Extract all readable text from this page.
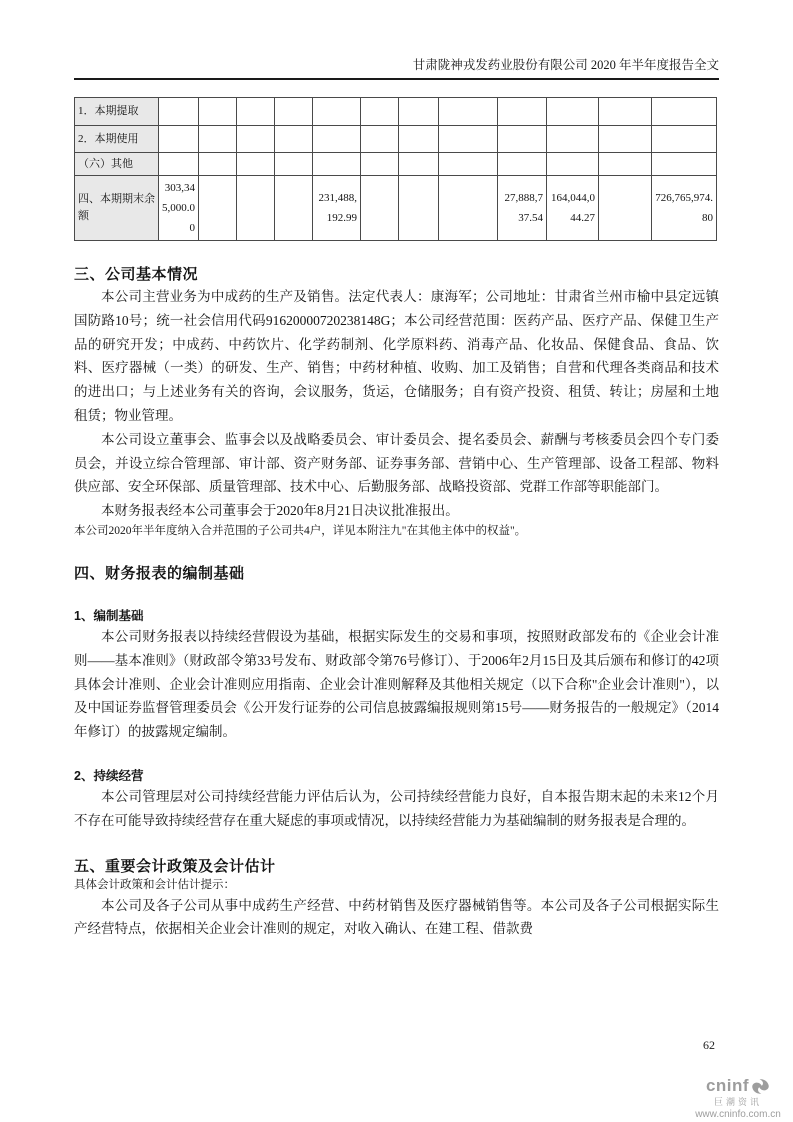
甘肃陇神戎发药业股份有限公司 2020 年半年度报告全文
1．本期提取												
2．本期使用												
（六）其他												
四、本期期末余额	303,345,000.00				231,488,192.99				27,888,737.54	164,044,044.27		726,765,974.80
三、公司基本情况

本公司主营业务为中成药的生产及销售。法定代表人：康海军；公司地址：甘肃省兰州市榆中县定远镇国防路10号；统一社会信用代码91620000720238148G；本公司经营范围：医药产品、医疗产品、保健卫生产品的研究开发；中成药、中药饮片、化学药制剂、化学原料药、消毒产品、化妆品、保健食品、食品、饮料、医疗器械（一类）的研发、生产、销售；中药材种植、收购、加工及销售；自营和代理各类商品和技术的进出口；与上述业务有关的咨询，会议服务，货运，仓储服务；自有资产投资、租赁、转让；房屋和土地租赁；物业管理。

本公司设立董事会、监事会以及战略委员会、审计委员会、提名委员会、薪酬与考核委员会四个专门委员会，并设立综合管理部、审计部、资产财务部、证券事务部、营销中心、生产管理部、设备工程部、物料供应部、安全环保部、质量管理部、技术中心、后勤服务部、战略投资部、党群工作部等职能部门。

本财务报表经本公司董事会于2020年8月21日决议批准报出。

本公司2020年半年度纳入合并范围的子公司共4户，详见本附注九"在其他主体中的权益"。

四、财务报表的编制基础
1、编制基础

本公司财务报表以持续经营假设为基础，根据实际发生的交易和事项，按照财政部发布的《企业会计准则——基本准则》（财政部令第33号发布、财政部令第76号修订）、于2006年2月15日及其后颁布和修订的42项具体会计准则、企业会计准则应用指南、企业会计准则解释及其他相关规定（以下合称"企业会计准则"），以及中国证券监督管理委员会《公开发行证券的公司信息披露编报规则第15号——财务报告的一般规定》（2014年修订）的披露规定编制。

2、持续经营

本公司管理层对公司持续经营能力评估后认为，公司持续经营能力良好，自本报告期末起的未来12个月不存在可能导致持续经营存在重大疑虑的事项或情况，以持续经营能力为基础编制的财务报表是合理的。

五、重要会计政策及会计估计

具体会计政策和会计估计提示：

本公司及各子公司从事中成药生产经营、中药材销售及医疗器械销售等。本公司及各子公司根据实际生产经营特点，依据相关企业会计准则的规定，对收入确认、在建工程、借款费

62
cninf
巨潮资讯
www.cninfo.com.cn
